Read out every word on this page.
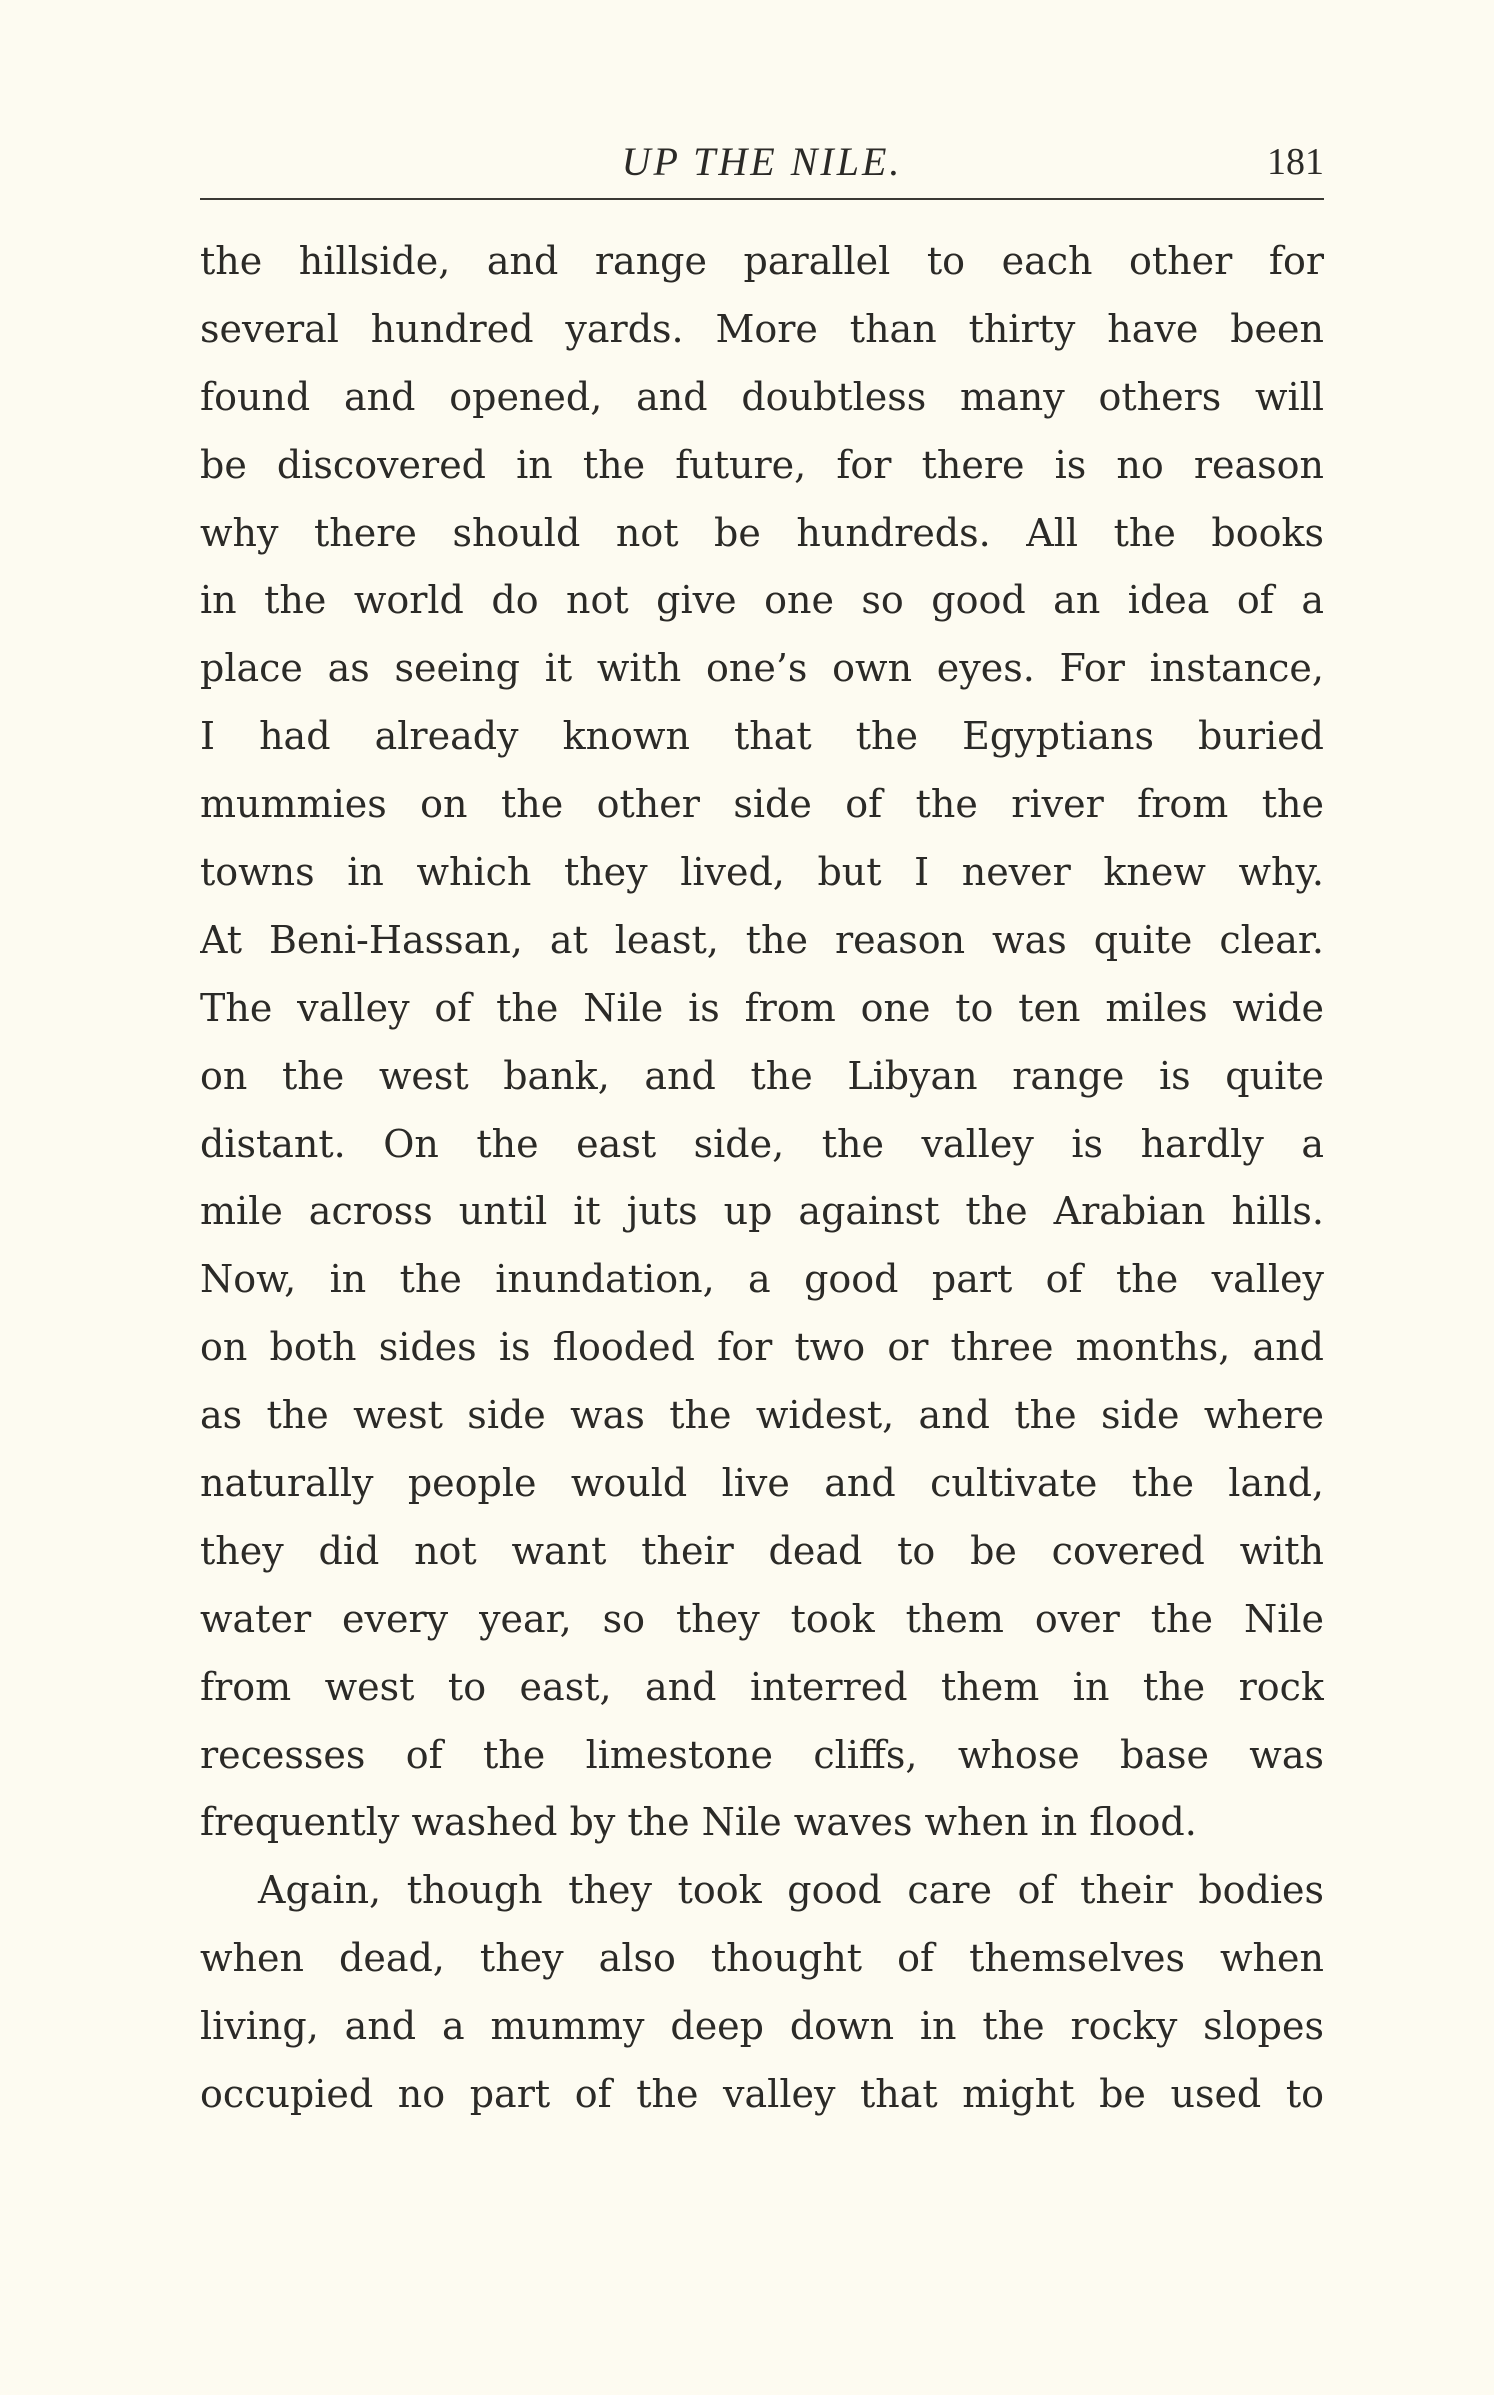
UP THE NILE.	181
the hillside, and range parallel to each other for
several hundred yards. More than thirty have been
found and opened, and doubtless many others will
be discovered in the future, for there is no reason
why there should not be hundreds. All the books
in the world do not give one so good an idea of a
place as seeing it with one’s own eyes. For instance,
I had already known that the Egyptians buried
mummies on the other side of the river from the
towns in which they lived, but I never knew why.
At Beni-Hassan, at least, the reason was quite clear.
The valley of the Nile is from one to ten miles wide
on the west bank, and the Libyan range is quite
distant. On the east side, the valley is hardly a
mile across until it juts up against the Arabian hills.
Now, in the inundation, a good part of the valley
on both sides is flooded for two or three months, and
as the west side was the widest, and the side where
naturally people would live and cultivate the land,
they did not want their dead to be covered with
water every year, so they took them over the Nile
from west to east, and interred them in the rock
recesses of the limestone cliffs, whose base was
frequently washed by the Nile waves when in flood.
Again, though they took good care of their bodies
when dead, they also thought of themselves when
living, and a mummy deep down in the rocky slopes
occupied no part of the valley that might be used to
